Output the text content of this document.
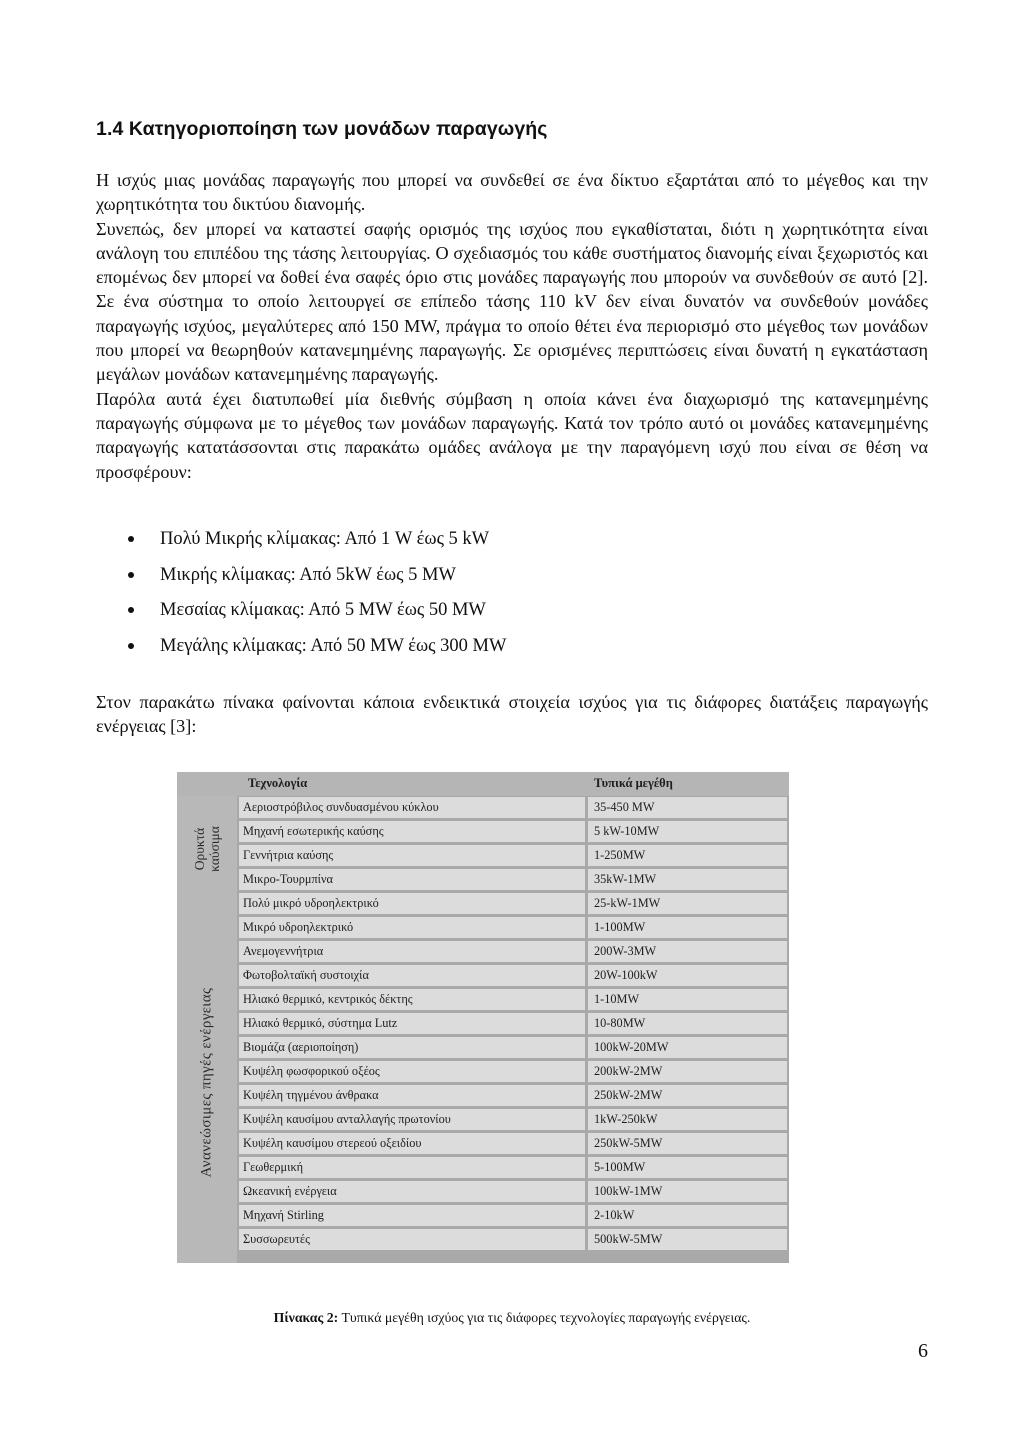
1.4 Κατηγοριοποίηση των μονάδων παραγωγής

Η ισχύς μιας μονάδας παραγωγής που μπορεί να συνδεθεί σε ένα δίκτυο εξαρτάται από το μέγεθος και την χωρητικότητα του δικτύου διανομής.

Συνεπώς, δεν μπορεί να καταστεί σαφής ορισμός της ισχύος που εγκαθίσταται, διότι η χωρητικότητα είναι ανάλογη του επιπέδου της τάσης λειτουργίας. Ο σχεδιασμός του κάθε συστήματος διανομής είναι ξεχωριστός και επομένως δεν μπορεί να δοθεί ένα σαφές όριο στις μονάδες παραγωγής που μπορούν να συνδεθούν σε αυτό [2]. Σε ένα σύστημα το οποίο λειτουργεί σε επίπεδο τάσης 110 kV δεν είναι δυνατόν να συνδεθούν μονάδες παραγωγής ισχύος, μεγαλύτερες από 150 MW, πράγμα το οποίο θέτει ένα περιορισμό στο μέγεθος των μονάδων που μπορεί να θεωρηθούν κατανεμημένης παραγωγής. Σε ορισμένες περιπτώσεις είναι δυνατή η εγκατάσταση μεγάλων μονάδων κατανεμημένης παραγωγής.

Παρόλα αυτά έχει διατυπωθεί μία διεθνής σύμβαση η οποία κάνει ένα διαχωρισμό της κατανεμημένης παραγωγής σύμφωνα με το μέγεθος των μονάδων παραγωγής. Κατά τον τρόπο αυτό οι μονάδες κατανεμημένης παραγωγής κατατάσσονται στις παρακάτω ομάδες ανάλογα με την παραγόμενη ισχύ που είναι σε θέση να προσφέρουν:

Πολύ Μικρής κλίμακας: Από 1 W έως 5 kW
Μικρής κλίμακας: Από 5kW έως 5 MW
Μεσαίας κλίμακας: Από 5 MW έως 50 MW
Μεγάλης κλίμακας: Από 50 MW έως 300 MW

Στον παρακάτω πίνακα φαίνονται κάποια ενδεικτικά στοιχεία ισχύος για τις διάφορες διατάξεις παραγωγής ενέργειας [3]:

Τεχνολογία	Τυπικά μεγέθη
Ορυκτά καύσιμα
Ανανεώσιμες πηγές ενέργειας
Αεριοστρόβιλος συνδυασμένου κύκλου	35-450 MW
Μηχανή εσωτερικής καύσης	5 kW-10MW
Γεννήτρια καύσης	1-250MW
Μικρο-Τουρμπίνα	35kW-1MW
Πολύ μικρό υδροηλεκτρικό	25-kW-1MW
Μικρό υδροηλεκτρικό	1-100MW
Ανεμογεννήτρια	200W-3MW
Φωτοβολταϊκή συστοιχία	20W-100kW
Ηλιακό θερμικό, κεντρικός δέκτης	1-10MW
Ηλιακό θερμικό, σύστημα Lutz	10-80MW
Βιομάζα (αεριοποίηση)	100kW-20MW
Κυψέλη φωσφορικού οξέος	200kW-2MW
Κυψέλη τηγμένου άνθρακα	250kW-2MW
Κυψέλη καυσίμου ανταλλαγής πρωτονίου	1kW-250kW
Κυψέλη καυσίμου στερεού οξειδίου	250kW-5MW
Γεωθερμική	5-100MW
Ωκεανική ενέργεια	100kW-1MW
Μηχανή Stirling	2-10kW
Συσσωρευτές	500kW-5MW
Πίνακας 2: Τυπικά μεγέθη ισχύος για τις διάφορες τεχνολογίες παραγωγής ενέργειας.
6
